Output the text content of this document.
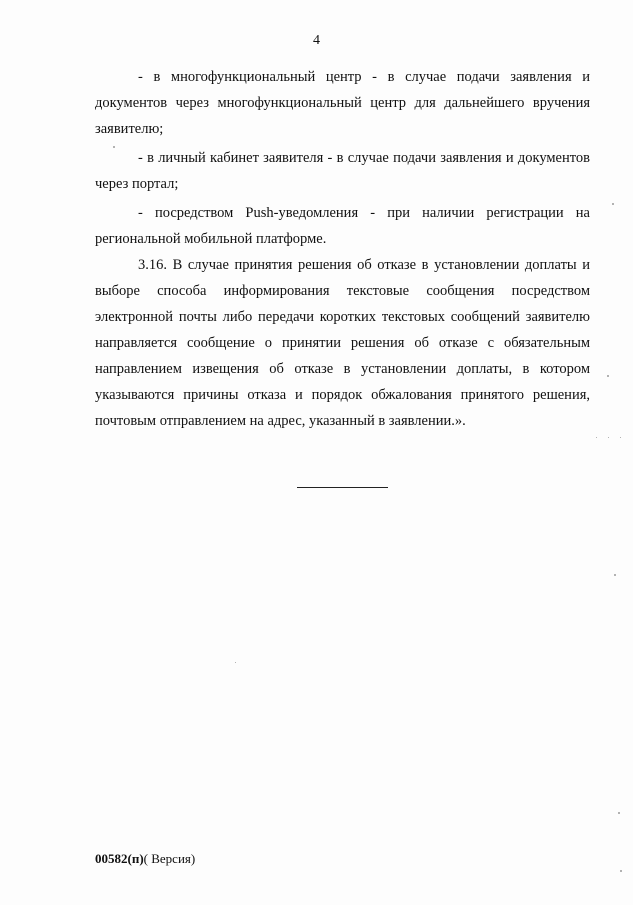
4

- в многофункциональный центр - в случае подачи заявления и документов через многофункциональный центр для дальнейшего вручения заявителю;

- в личный кабинет заявителя - в случае подачи заявления и документов через портал;

- посредством Push-уведомления - при наличии регистрации на региональной мобильной платформе.

3.16. В случае принятия решения об отказе в установлении доплаты и выборе способа информирования текстовые сообщения посредством электронной почты либо передачи коротких текстовых сообщений заявителю направляется сообщение о принятии решения об отказе с обязательным направлением извещения об отказе в установлении доплаты, в котором указываются причины отказа и порядок обжалования принятого решения, почтовым отправлением на адрес, указанный в заявлении.».

00582(п)( Версия)
